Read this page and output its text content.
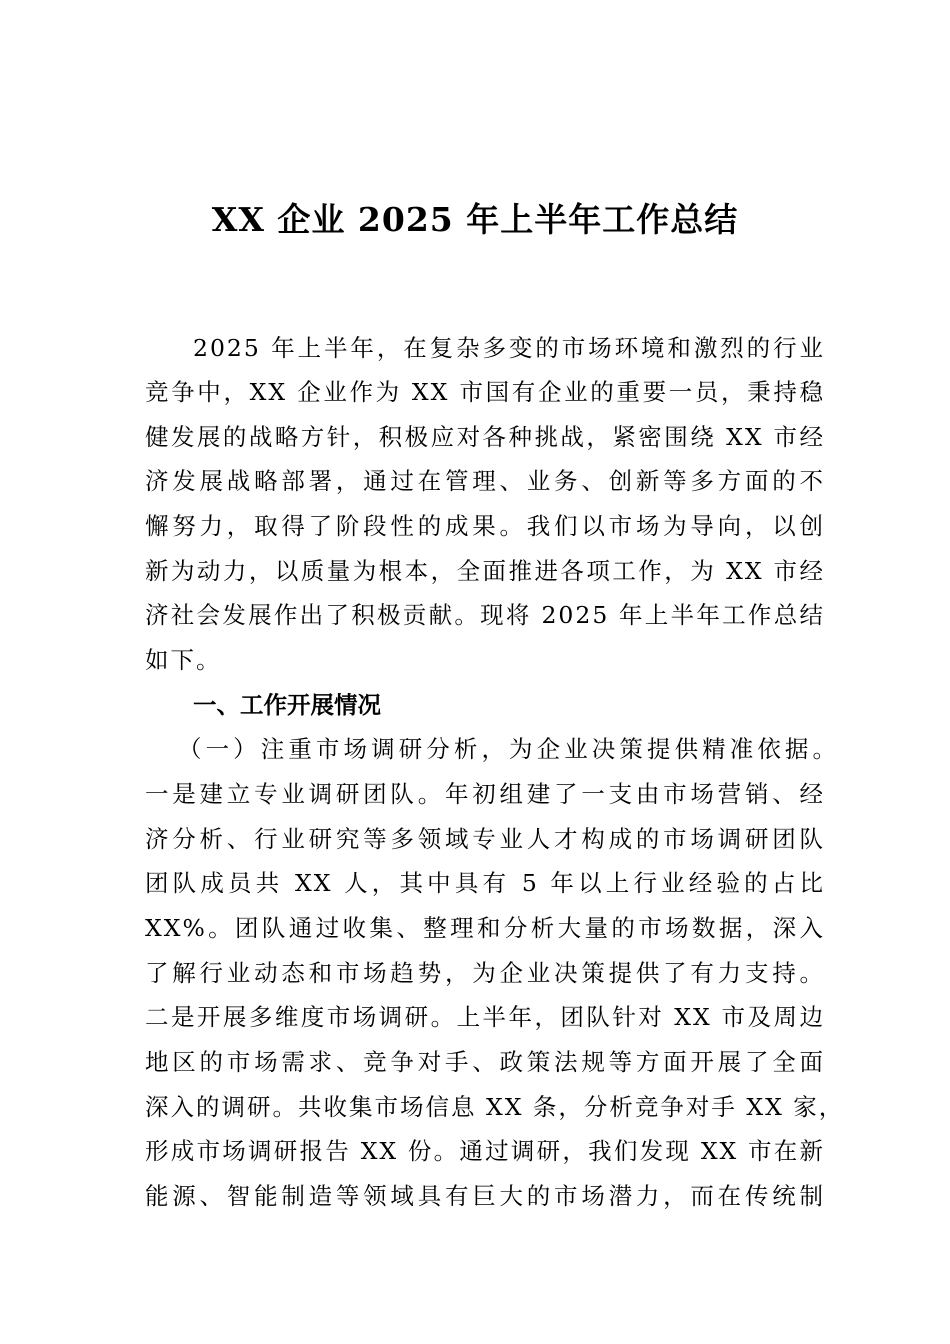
XX 企业 2025 年上半年工作总结
2025 年上半年，在复杂多变的市场环境和激烈的行业
竞争中，XX 企业作为 XX 市国有企业的重要一员，秉持稳
健发展的战略方针，积极应对各种挑战，紧密围绕 XX 市经
济发展战略部署，通过在管理、业务、创新等多方面的不
懈努力，取得了阶段性的成果。我们以市场为导向，以创
新为动力，以质量为根本，全面推进各项工作，为 XX 市经
济社会发展作出了积极贡献。现将 2025 年上半年工作总结
如下。
一、工作开展情况
（一）注重市场调研分析，为企业决策提供精准依据。
一是建立专业调研团队。年初组建了一支由市场营销、经
济分析、行业研究等多领域专业人才构成的市场调研团队
团队成员共 XX 人，其中具有 5 年以上行业经验的占比
XX%。团队通过收集、整理和分析大量的市场数据，深入
了解行业动态和市场趋势，为企业决策提供了有力支持。
二是开展多维度市场调研。上半年，团队针对 XX 市及周边
地区的市场需求、竞争对手、政策法规等方面开展了全面
深入的调研。共收集市场信息 XX 条，分析竞争对手 XX 家，
形成市场调研报告 XX 份。通过调研，我们发现 XX 市在新
能源、智能制造等领域具有巨大的市场潜力，而在传统制
